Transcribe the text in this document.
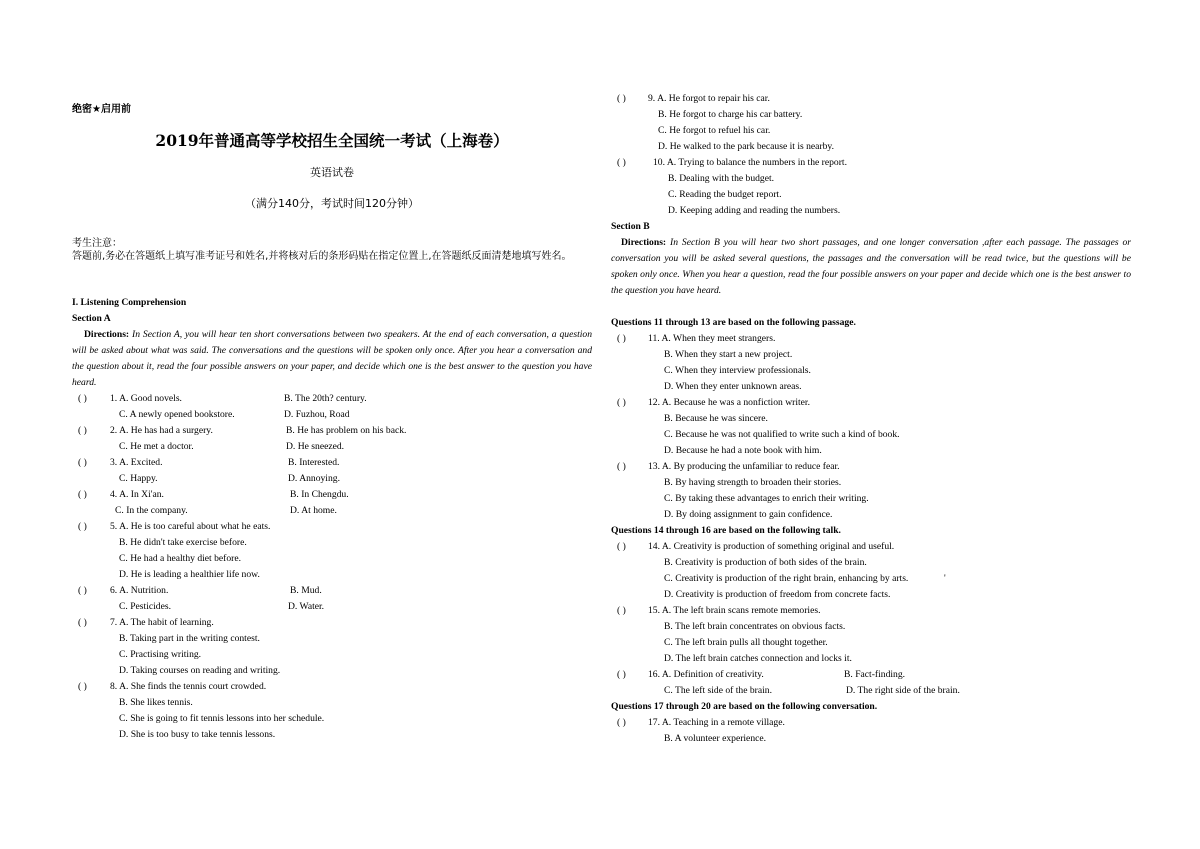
绝密★启用前
2019年普通高等学校招生全国统一考试（上海卷）
英语试卷
（满分140分，考试时间120分钟）
考生注意：
答题前,务必在答题纸上填写准考证号和姓名,并将核对后的条形码贴在指定位置上,在答题纸反面清楚地填写姓名。
I. Listening Comprehension
Section A
Directions: In Section A, you will hear ten short conversations between two speakers. At the end of each conversation, a question will be asked about what was said. The conversations and the questions will be spoken only once. After you hear a conversation and the question about it, read the four possible answers on your paper, and decide which one is the best answer to the question you have heard.
( ) 1. A. Good novels.	B. The 20th? century.
C. A newly opened bookstore.	D. Fuzhou, Road
( ) 2. A. He has had a surgery.	B. He has problem on his back.
C. He met a doctor.	D. He sneezed.
( ) 3. A. Excited.	B. Interested.
C. Happy.	D. Annoying.
( ) 4. A. In Xi'an.	B. In Chengdu.
C. In the company.	D. At home.
( ) 5. A. He is too careful about what he eats.
B. He didn't take exercise before.
C. He had a healthy diet before.
D. He is leading a healthier life now.
( ) 6. A. Nutrition.	B. Mud.
C. Pesticides.	D. Water.
( ) 7. A. The habit of learning.
B. Taking part in the writing contest.
C. Practising writing.
D. Taking courses on reading and writing.
( ) 8. A. She finds the tennis court crowded.
B. She likes tennis.
C. She is going to fit tennis lessons into her schedule.
D. She is too busy to take tennis lessons.
( ) 9. A. He forgot to repair his car.
B. He forgot to charge his car battery.
C. He forgot to refuel his car.
D. He walked to the park because it is nearby.
( )	10. A. Trying to balance the numbers in the report.
B. Dealing with the budget.
C. Reading the budget report.
D. Keeping adding and reading the numbers.
Section B
Directions: In Section B you will hear two short passages, and one longer conversation ,after each passage. The passages or conversation you will be asked several questions, the passages and the conversation will be read twice, but the questions will be spoken only once. When you hear a question, read the four possible answers on your paper and decide which one is the best answer to the question you have heard.
Questions 11 through 13 are based on the following passage.
( ) 11. A. When they meet strangers.
B. When they start a new project.
C. When they interview professionals.
D. When they enter unknown areas.
( ) 12. A. Because he was a nonfiction writer.
B. Because he was sincere.
C. Because he was not qualified to write such a kind of book.
D. Because he had a note book with him.
( ) 13. A. By producing the unfamiliar to reduce fear.
B. By having strength to broaden their stories.
C. By taking these advantages to enrich their writing.
D. By doing assignment to gain confidence.
Questions 14 through 16 are based on the following talk.
( ) 14. A. Creativity is production of something original and useful.
B. Creativity is production of both sides of the brain.
C. Creativity is production of the right brain, enhancing by arts.	'
D. Creativity is production of freedom from concrete facts.
( ) 15. A. The left brain scans remote memories.
B. The left brain concentrates on obvious facts.
C. The left brain pulls all thought together.
D. The left brain catches connection and locks it.
( ) 16. A. Definition of creativity.	B. Fact-finding.
C. The left side of the brain.	D. The right side of the brain.
Questions 17 through 20 are based on the following conversation.
( ) 17. A. Teaching in a remote village.
B. A volunteer experience.
